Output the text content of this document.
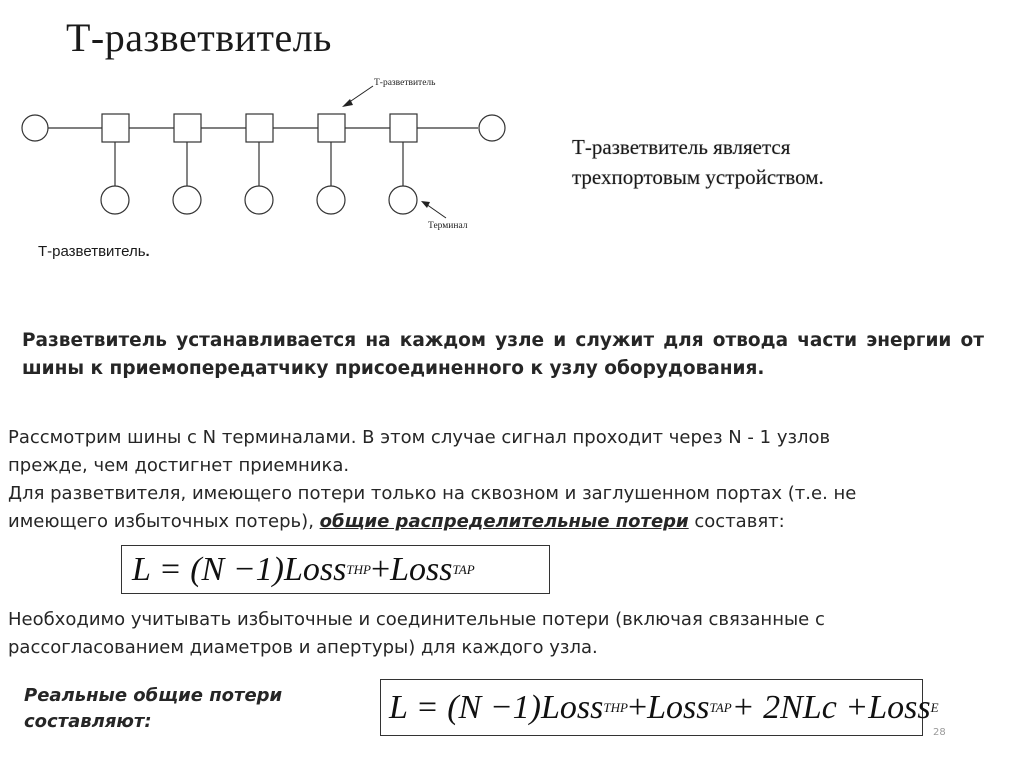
Т-разветвитель
Т-разветвитель
Терминал
Т-разветвитель является
трехпортовым устройством.
Т-разветвитель.
Разветвитель устанавливается на каждом узле и служит для отвода части энергии от шины к приемопередатчику присоединенного к узлу оборудования.
Рассмотрим шины с N терминалами. В этом случае сигнал проходит через N - 1 узлов
прежде, чем достигнет приемника.
Для разветвителя, имеющего потери только на сквозном и заглушенном портах (т.е. не
имеющего избыточных потерь), общие распределительные потери составят:
L = (N −1) Loss THP + Loss TAP
Необходимо учитывать избыточные и соединительные потери (включая связанные с
рассогласованием диаметров и апертуры) для каждого узла.
Реальные общие потери
составляют:	L = (N −1) Loss THP + Loss TAP + 2NLc + Loss E
28
